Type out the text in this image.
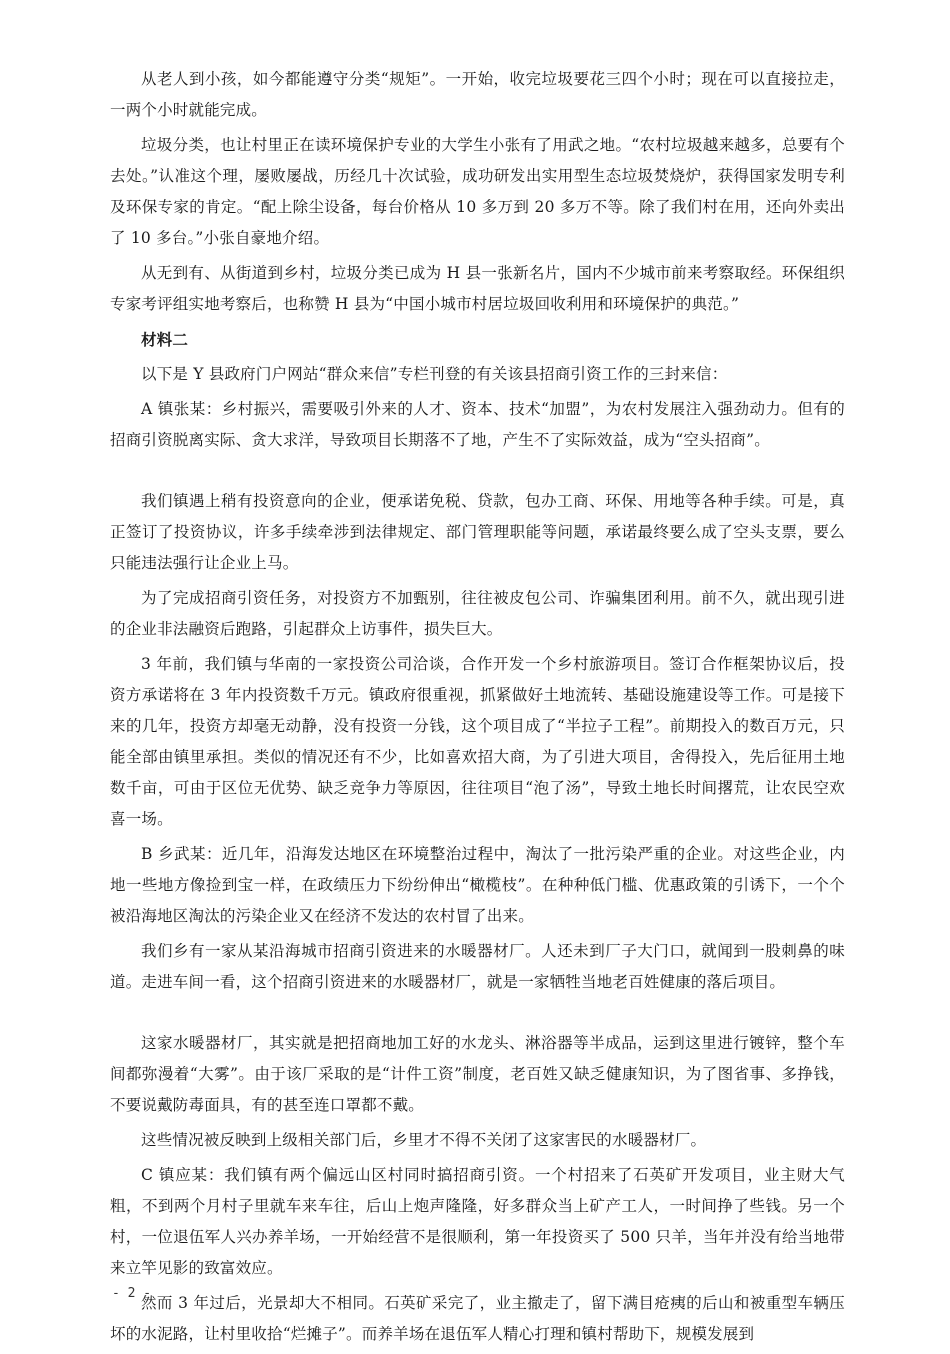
从老人到小孩，如今都能遵守分类“规矩”。一开始，收完垃圾要花三四个小时；现在可以直接拉走，一两个小时就能完成。

垃圾分类，也让村里正在读环境保护专业的大学生小张有了用武之地。“农村垃圾越来越多，总要有个去处。”认准这个理，屡败屡战，历经几十次试验，成功研发出实用型生态垃圾焚烧炉，获得国家发明专利及环保专家的肯定。“配上除尘设备，每台价格从 10 多万到 20 多万不等。除了我们村在用，还向外卖出了 10 多台。”小张自豪地介绍。

从无到有、从街道到乡村，垃圾分类已成为 H 县一张新名片，国内不少城市前来考察取经。环保组织专家考评组实地考察后，也称赞 H 县为“中国小城市村居垃圾回收利用和环境保护的典范。”

材料二

以下是 Y 县政府门户网站“群众来信”专栏刊登的有关该县招商引资工作的三封来信：

A 镇张某：乡村振兴，需要吸引外来的人才、资本、技术“加盟”，为农村发展注入强劲动力。但有的招商引资脱离实际、贪大求洋，导致项目长期落不了地，产生不了实际效益，成为“空头招商”。

我们镇遇上稍有投资意向的企业，便承诺免税、贷款，包办工商、环保、用地等各种手续。可是，真正签订了投资协议，许多手续牵涉到法律规定、部门管理职能等问题，承诺最终要么成了空头支票，要么只能违法强行让企业上马。

为了完成招商引资任务，对投资方不加甄别，往往被皮包公司、诈骗集团利用。前不久，就出现引进的企业非法融资后跑路，引起群众上访事件，损失巨大。

3 年前，我们镇与华南的一家投资公司洽谈，合作开发一个乡村旅游项目。签订合作框架协议后，投资方承诺将在 3 年内投资数千万元。镇政府很重视，抓紧做好土地流转、基础设施建设等工作。可是接下来的几年，投资方却毫无动静，没有投资一分钱，这个项目成了“半拉子工程”。前期投入的数百万元，只能全部由镇里承担。类似的情况还有不少，比如喜欢招大商，为了引进大项目，舍得投入，先后征用土地数千亩，可由于区位无优势、缺乏竞争力等原因，往往项目“泡了汤”，导致土地长时间撂荒，让农民空欢喜一场。

B 乡武某：近几年，沿海发达地区在环境整治过程中，淘汰了一批污染严重的企业。对这些企业，内地一些地方像捡到宝一样，在政绩压力下纷纷伸出“橄榄枝”。在种种低门槛、优惠政策的引诱下，一个个被沿海地区淘汰的污染企业又在经济不发达的农村冒了出来。

我们乡有一家从某沿海城市招商引资进来的水暖器材厂。人还未到厂子大门口，就闻到一股刺鼻的味道。走进车间一看，这个招商引资进来的水暖器材厂，就是一家牺牲当地老百姓健康的落后项目。

这家水暖器材厂，其实就是把招商地加工好的水龙头、淋浴器等半成品，运到这里进行镀锌，整个车间都弥漫着“大雾”。由于该厂采取的是“计件工资”制度，老百姓又缺乏健康知识，为了图省事、多挣钱，不要说戴防毒面具，有的甚至连口罩都不戴。

这些情况被反映到上级相关部门后，乡里才不得不关闭了这家害民的水暖器材厂。

C 镇应某：我们镇有两个偏远山区村同时搞招商引资。一个村招来了石英矿开发项目，业主财大气粗，不到两个月村子里就车来车往，后山上炮声隆隆，好多群众当上矿产工人，一时间挣了些钱。另一个村，一位退伍军人兴办养羊场，一开始经营不是很顺利，第一年投资买了 500 只羊，当年并没有给当地带来立竿见影的致富效应。

然而 3 年过后，光景却大不相同。石英矿采完了，业主撤走了，留下满目疮痍的后山和被重型车辆压坏的水泥路，让村里收拾“烂摊子”。而养羊场在退伍军人精心打理和镇村帮助下，规模发展到

- 2 -
